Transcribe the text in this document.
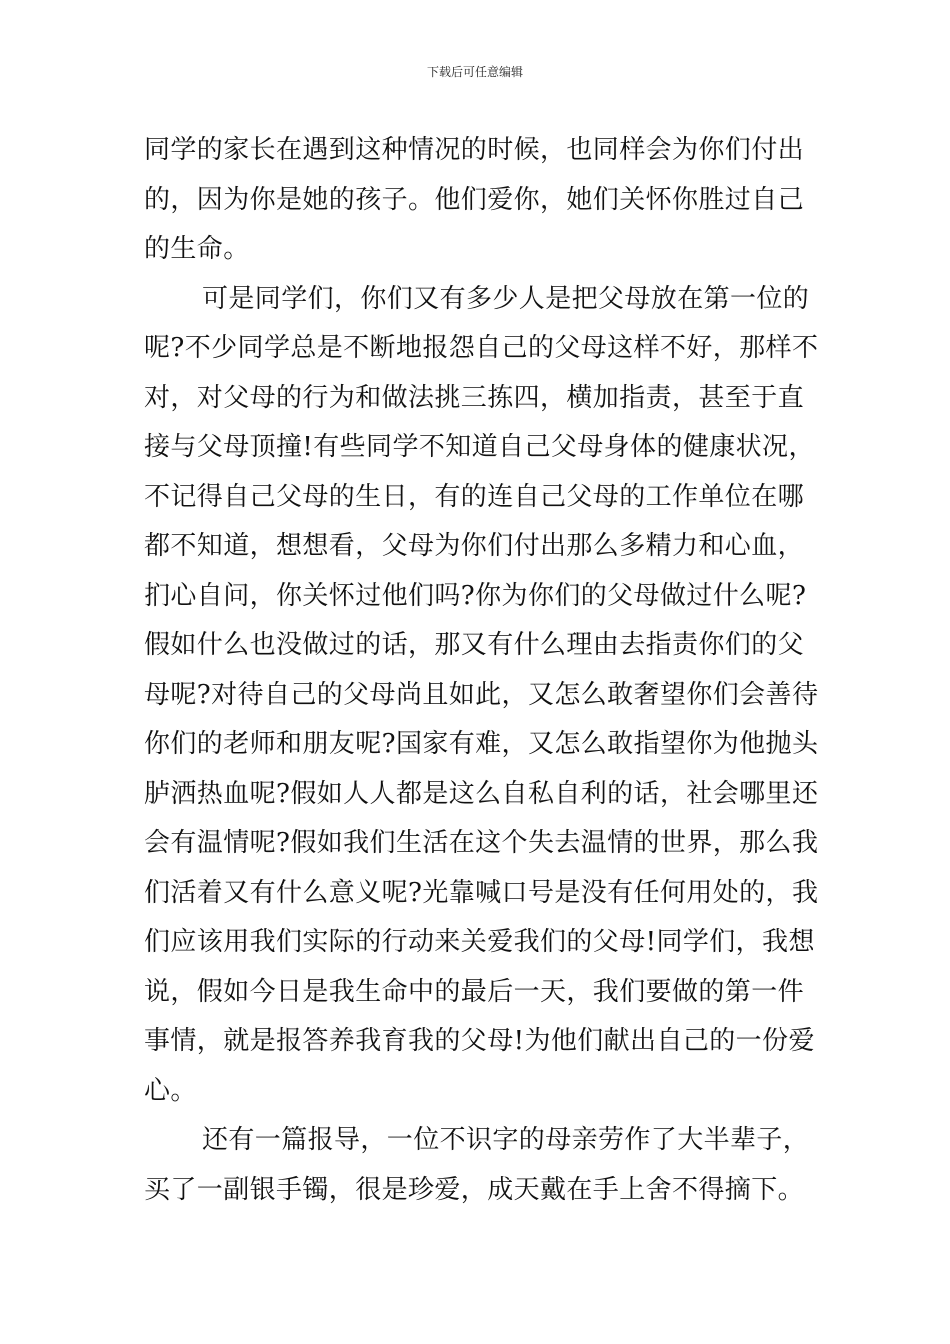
下载后可任意编辑
同学的家长在遇到这种情况的时候，也同样会为你们付出
的，因为你是她的孩子。他们爱你，她们关怀你胜过自己
的生命。
可是同学们，你们又有多少人是把父母放在第一位的
呢?不少同学总是不断地报怨自己的父母这样不好，那样不
对，对父母的行为和做法挑三拣四，横加指责，甚至于直
接与父母顶撞!有些同学不知道自己父母身体的健康状况，
不记得自己父母的生日，有的连自己父母的工作单位在哪
都不知道，想想看，父母为你们付出那么多精力和心血，
扪心自问，你关怀过他们吗?你为你们的父母做过什么呢?
假如什么也没做过的话，那又有什么理由去指责你们的父
母呢?对待自己的父母尚且如此，又怎么敢奢望你们会善待
你们的老师和朋友呢?国家有难，又怎么敢指望你为他抛头
胪洒热血呢?假如人人都是这么自私自利的话，社会哪里还
会有温情呢?假如我们生活在这个失去温情的世界，那么我
们活着又有什么意义呢?光靠喊口号是没有任何用处的，我
们应该用我们实际的行动来关爱我们的父母!同学们，我想
说，假如今日是我生命中的最后一天，我们要做的第一件
事情，就是报答养我育我的父母!为他们献出自己的一份爱
心。
还有一篇报导，一位不识字的母亲劳作了大半辈子，
买了一副银手镯，很是珍爱，成天戴在手上舍不得摘下。
